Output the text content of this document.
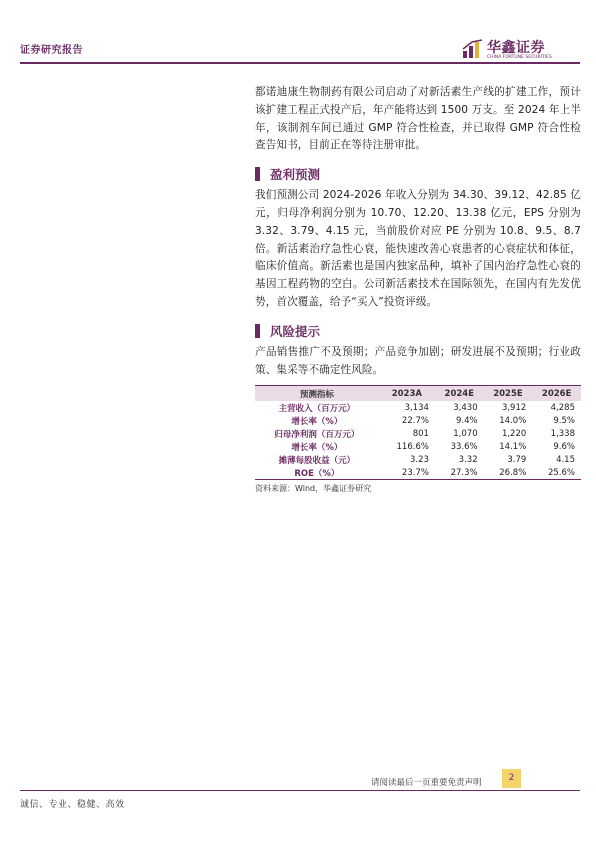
证券研究报告	华鑫证券
CHINA FORTUNE SECURITIES

都诺迪康生物制药有限公司启动了对新活素生产线的扩建工作，预计该扩建工程正式投产后，年产能将达到 1500 万支。至 2024 年上半年，该制剂车间已通过 GMP 符合性检查，并已取得 GMP 符合性检查告知书，目前正在等待注册审批。

盈利预测

我们预测公司 2024-2026 年收入分别为 34.30、39.12、42.85 亿元，归母净利润分别为 10.70、12.20、13.38 亿元，EPS 分别为 3.32、3.79、4.15 元，当前股价对应 PE 分别为 10.8、9.5、8.7 倍。新活素治疗急性心衰，能快速改善心衰患者的心衰症状和体征，临床价值高。新活素也是国内独家品种，填补了国内治疗急性心衰的基因工程药物的空白。公司新活素技术在国际领先，在国内有先发优势，首次覆盖，给予“买入”投资评级。

风险提示

产品销售推广不及预期；产品竞争加剧；研发进展不及预期；行业政策、集采等不确定性风险。

预测指标	2023A	2024E	2025E	2026E
主营收入（百万元）	3,134	3,430	3,912	4,285
增长率（%）	22.7%	9.4%	14.0%	9.5%
归母净利润（百万元）	801	1,070	1,220	1,338
增长率（%）	116.6%	33.6%	14.1%	9.6%
摊薄每股收益（元）	3.23	3.32	3.79	4.15
ROE（%）	23.7%	27.3%	26.8%	25.6%
资料来源：Wind，华鑫证券研究
请阅读最后一页重要免责声明	2
诚信、专业、稳健、高效
